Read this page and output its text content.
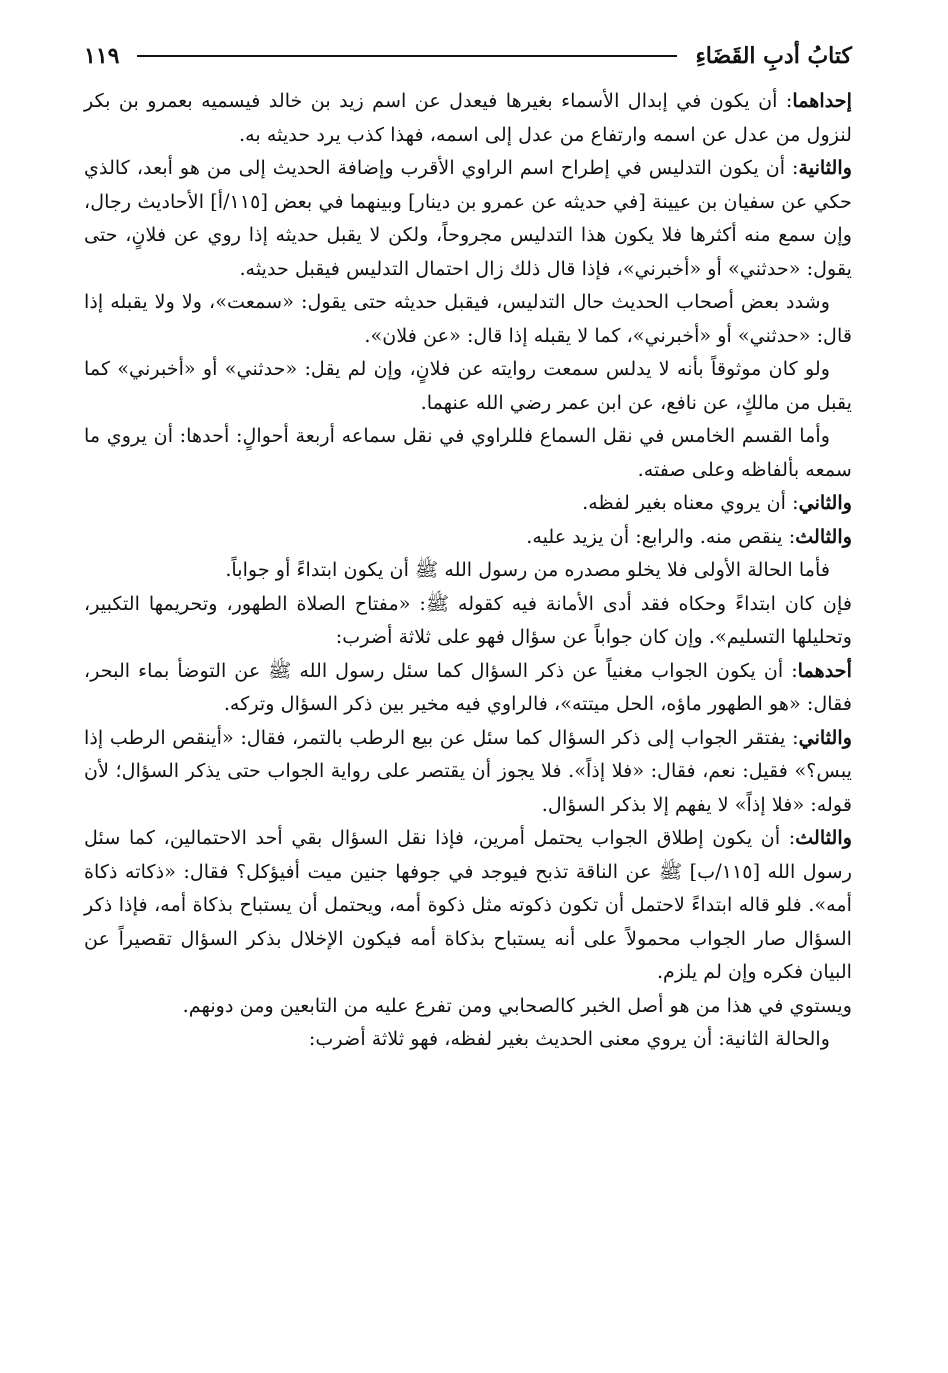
كتابُ أدبِ القَضَاءِ
١١٩

إحداهما: أن يكون في إبدال الأسماء بغيرها فيعدل عن اسم زيد بن خالد فيسميه بعمرو بن بكر لنزول من عدل عن اسمه وارتفاع من عدل إلى اسمه، فهذا كذب يرد حديثه به.

والثانية: أن يكون التدليس في إطراح اسم الراوي الأقرب وإضافة الحديث إلى من هو أبعد، كالذي حكي عن سفيان بن عيينة [في حديثه عن عمرو بن دينار] وبينهما في بعض [١١٥/أ] الأحاديث رجال، وإن سمع منه أكثرها فلا يكون هذا التدليس مجروحاً، ولكن لا يقبل حديثه إذا روي عن فلانٍ، حتى يقول: «حدثني» أو «أخبرني»، فإذا قال ذلك زال احتمال التدليس فيقبل حديثه.

وشدد بعض أصحاب الحديث حال التدليس، فيقبل حديثه حتى يقول: «سمعت»، ولا ولا يقبله إذا قال: «حدثني» أو «أخبرني»، كما لا يقبله إذا قال: «عن فلان».

ولو كان موثوقاً بأنه لا يدلس سمعت روايته عن فلانٍ، وإن لم يقل: «حدثني» أو «أخبرني» كما يقبل من مالكٍ، عن نافع، عن ابن عمر رضي الله عنهما.

وأما القسم الخامس في نقل السماع فللراوي في نقل سماعه أربعة أحوالٍ: أحدها: أن يروي ما سمعه بألفاظه وعلى صفته.

والثاني: أن يروي معناه بغير لفظه.

والثالث: ينقص منه. والرابع: أن يزيد عليه.

فأما الحالة الأولى فلا يخلو مصدره من رسول الله ﷺ أن يكون ابتداءً أو جواباً.

فإن كان ابتداءً وحكاه فقد أدى الأمانة فيه كقوله ﷺ: «مفتاح الصلاة الطهور، وتحريمها التكبير، وتحليلها التسليم». وإن كان جواباً عن سؤال فهو على ثلاثة أضرب:

أحدهما: أن يكون الجواب مغنياً عن ذكر السؤال كما سئل رسول الله ﷺ عن التوضأ بماء البحر، فقال: «هو الطهور ماؤه، الحل ميتته»، فالراوي فيه مخير بين ذكر السؤال وتركه.

والثاني: يفتقر الجواب إلى ذكر السؤال كما سئل عن بيع الرطب بالتمر، فقال: «أينقص الرطب إذا يبس؟» فقيل: نعم، فقال: «فلا إذاً». فلا يجوز أن يقتصر على رواية الجواب حتى يذكر السؤال؛ لأن قوله: «فلا إذاً» لا يفهم إلا بذكر السؤال.

والثالث: أن يكون إطلاق الجواب يحتمل أمرين، فإذا نقل السؤال بقي أحد الاحتمالين، كما سئل رسول الله [١١٥/ب] ﷺ عن الناقة تذبح فيوجد في جوفها جنين ميت أفيؤكل؟ فقال: «ذكاته ذكاة أمه». فلو قاله ابتداءً لاحتمل أن تكون ذكوته مثل ذكوة أمه، ويحتمل أن يستباح بذكاة أمه، فإذا ذكر السؤال صار الجواب محمولاً على أنه يستباح بذكاة أمه فيكون الإخلال بذكر السؤال تقصيراً عن البيان فكره وإن لم يلزم.

ويستوي في هذا من هو أصل الخبر كالصحابي ومن تفرع عليه من التابعين ومن دونهم.

والحالة الثانية: أن يروي معنى الحديث بغير لفظه، فهو ثلاثة أضرب:
